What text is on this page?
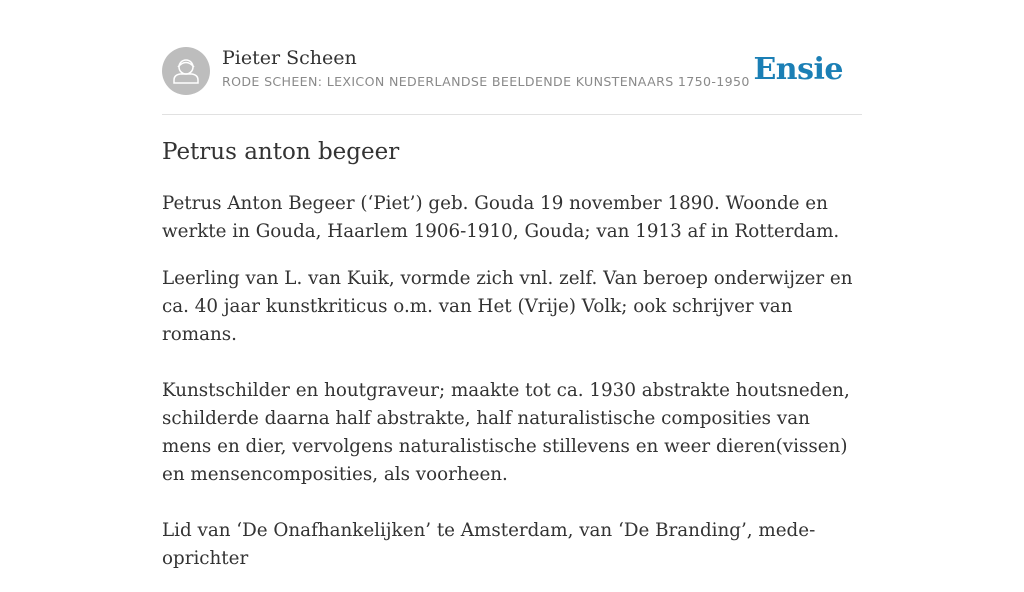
Pieter Scheen
RODE SCHEEN: LEXICON NEDERLANDSE BEELDENDE KUNSTENAARS 1750-1950 Ensie
Petrus anton begeer

Petrus Anton Begeer (‘Piet’) geb. Gouda 19 november 1890. Woonde en werkte in Gouda, Haarlem 1906-1910, Gouda; van 1913 af in Rotterdam.

Leerling van L. van Kuik, vormde zich vnl. zelf. Van beroep onderwijzer en ca. 40 jaar kunstkriticus o.m. van Het (Vrije) Volk; ook schrijver van romans.

Kunstschilder en houtgraveur; maakte tot ca. 1930 abstrakte houtsneden, schilderde daarna half abstrakte, half naturalistische composities van mens en dier, vervolgens naturalistische stillevens en weer dieren(vissen) en mensencomposities, als voorheen.

Lid van ‘De Onafhankelijken’ te Amsterdam, van ‘De Branding’, mede-oprichter
